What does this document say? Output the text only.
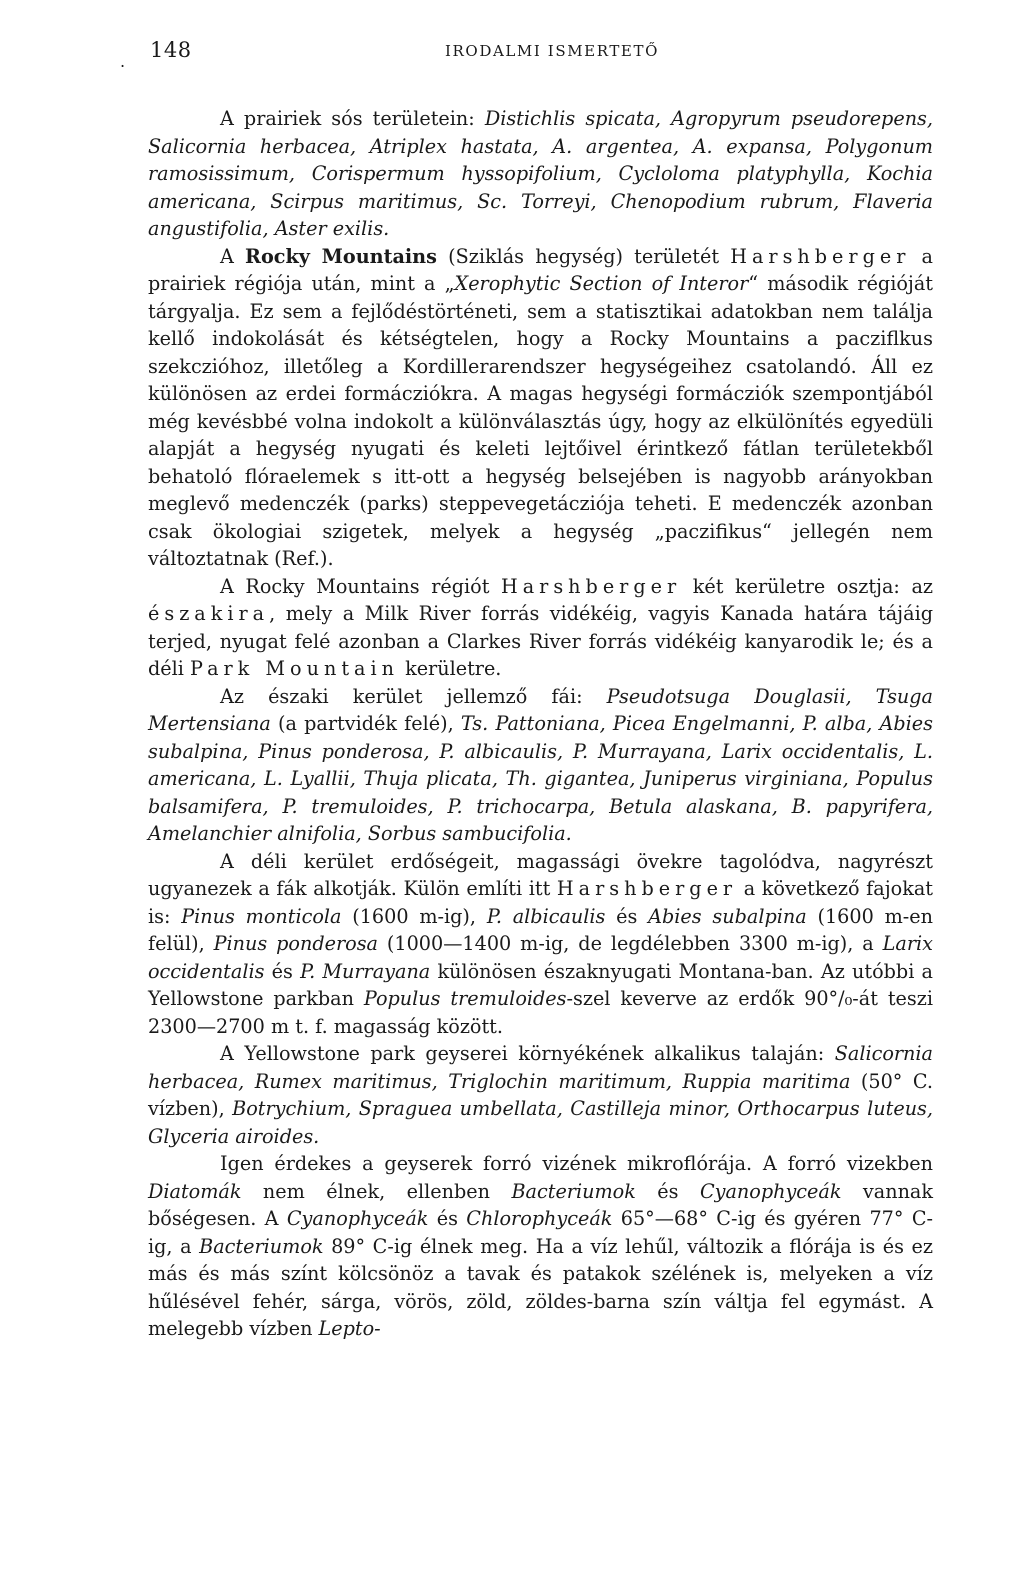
. 148	IRODALMI ISMERTETŐ

A prairiek sós területein: Distichlis spicata, Agropyrum pseudorepens, Salicornia herbacea, Atriplex hastata, A. argentea, A. expansa, Polygonum ramosissimum, Corispermum hyssopifolium, Cycloloma platyphylla, Kochia americana, Scirpus maritimus, Sc. Torreyi, Chenopodium rubrum, Flaveria angustifolia, Aster exilis.

A Rocky Mountains (Sziklás hegység) területét Harshberger a prairiek régiója után, mint a „Xerophytic Section of Interor“ második régióját tárgyalja. Ez sem a fejlődéstörténeti, sem a statisztikai adatokban nem találja kellő indokolását és kétségtelen, hogy a Rocky Mountains a pacziflkus szekczióhoz, illetőleg a Kordillerarendszer hegységeihez csatolandó. Áll ez különösen az erdei formácziókra. A magas hegységi formácziók szempontjából még kevésbbé volna indokolt a különválasztás úgy, hogy az elkülönítés egyedüli alapját a hegység nyugati és keleti lejtőivel érintkező fátlan területekből behatoló flóraelemek s itt-ott a hegység belsejében is nagyobb arányokban meglevő medenczék (parks) steppevegetácziója teheti. E medenczék azonban csak ökologiai szigetek, melyek a hegység „paczifikus“ jellegén nem változtatnak (Ref.).

A Rocky Mountains régiót Harshberger két kerületre osztja: az északira, mely a Milk River forrás vidékéig, vagyis Kanada határa tájáig terjed, nyugat felé azonban a Clarkes River forrás vidékéig kanyarodik le; és a déli Park Mountain kerületre.

Az északi kerület jellemző fái: Pseudotsuga Douglasii, Tsuga Mertensiana (a partvidék felé), Ts. Pattoniana, Picea Engelmanni, P. alba, Abies subalpina, Pinus ponderosa, P. albicaulis, P. Murrayana, Larix occidentalis, L. americana, L. Lyallii, Thuja plicata, Th. gigantea, Juniperus virginiana, Populus balsamifera, P. tremuloides, P. trichocarpa, Betula alaskana, B. papyrifera, Amelanchier alnifolia, Sorbus sambucifolia.

A déli kerület erdőségeit, magassági övekre tagolódva, nagyrészt ugyanezek a fák alkotják. Külön említi itt Harshberger a következő fajokat is: Pinus monticola (1600 m-ig), P. albicaulis és Abies subalpina (1600 m-en felül), Pinus ponderosa (1000—1400 m-ig, de legdélebben 3300 m-ig), a Larix occidentalis és P. Murrayana különösen északnyugati Montana-ban. Az utóbbi a Yellowstone parkban Populus tremuloides-szel keverve az erdők 90°/₀-át teszi 2300—2700 m t. f. magasság között.

A Yellowstone park geyserei környékének alkalikus talaján: Salicornia herbacea, Rumex maritimus, Triglochin maritimum, Ruppia maritima (50° C. vízben), Botrychium, Spraguea umbellata, Castilleja minor, Orthocarpus luteus, Glyceria airoides.

Igen érdekes a geyserek forró vizének mikroflórája. A forró vizekben Diatomák nem élnek, ellenben Bacteriumok és Cyanophyceák vannak bőségesen. A Cyanophyceák és Chlorophyceák 65°—68° C-ig és gyéren 77° C-ig, a Bacteriumok 89° C-ig élnek meg. Ha a víz lehűl, változik a flórája is és ez más és más színt kölcsönöz a tavak és patakok szélének is, melyeken a víz hűlésével fehér, sárga, vörös, zöld, zöldes-barna szín váltja fel egymást. A melegebb vízben Lepto-
